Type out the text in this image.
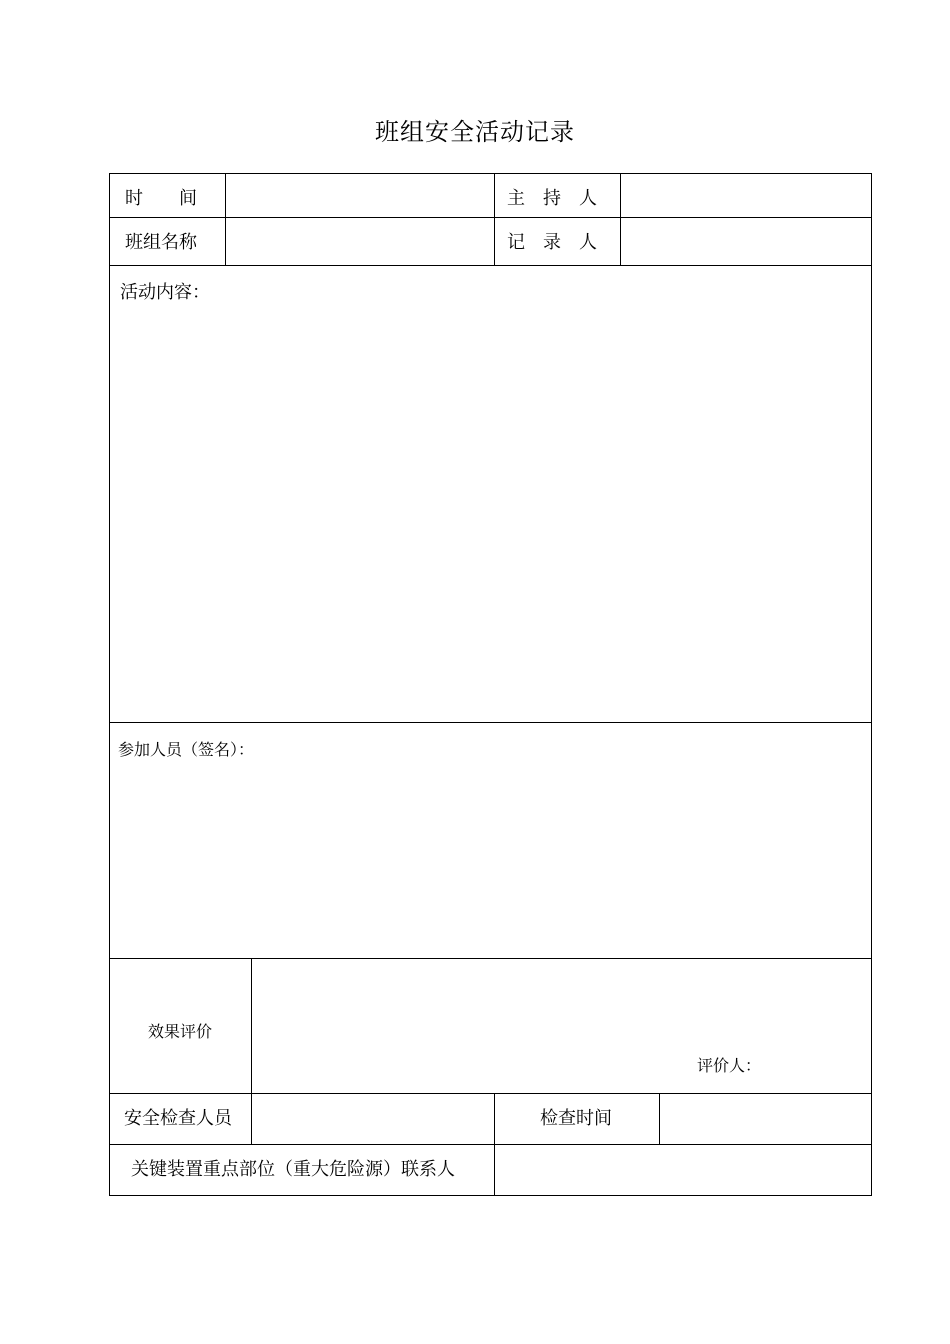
班组安全活动记录
时　　间	主　持　人
班组名称	记　录　人
活动内容：
参加人员（签名）：
效果评价
评价人：
安全检查人员	检查时间
关键装置重点部位（重大危险源）联系人
